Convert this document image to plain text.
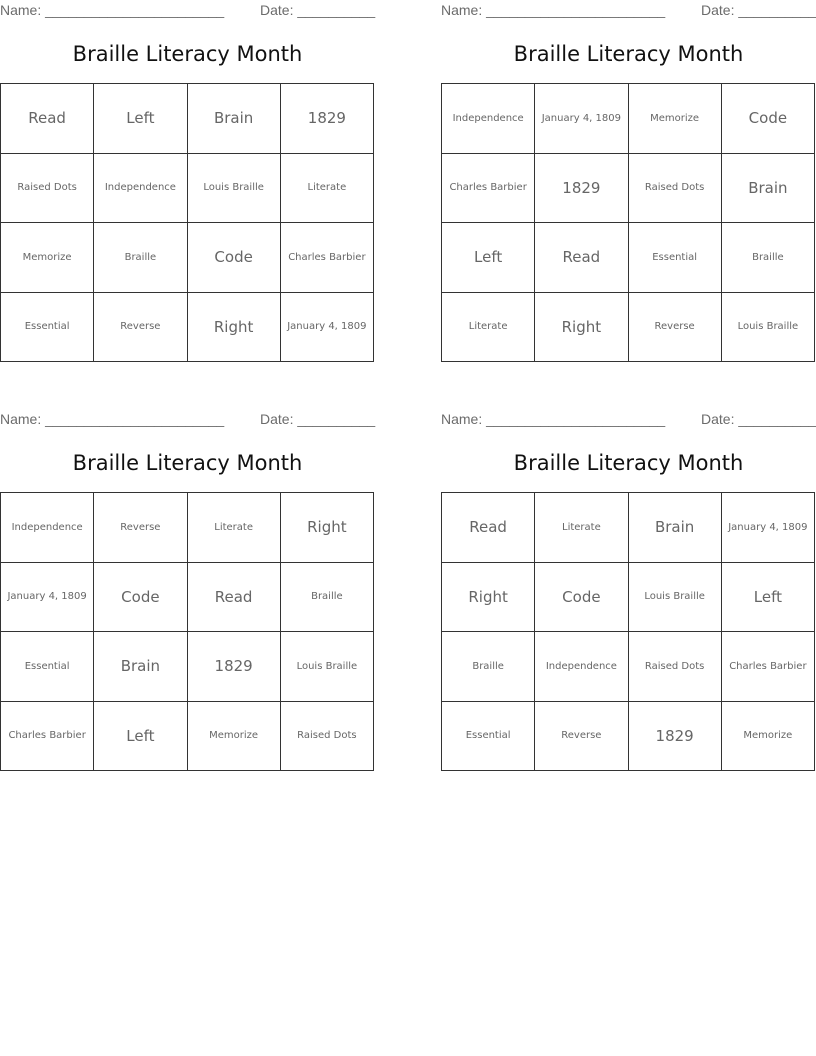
Name: _______________________	Date: __________
Braille Literacy Month
Read	Left	Brain	1829
Raised Dots	Independence	Louis Braille	Literate
Memorize	Braille	Code	Charles Barbier
Essential	Reverse	Right	January 4, 1809
Name: _______________________	Date: __________
Braille Literacy Month
Independence	January 4, 1809	Memorize	Code
Charles Barbier	1829	Raised Dots	Brain
Left	Read	Essential	Braille
Literate	Right	Reverse	Louis Braille
Name: _______________________	Date: __________
Braille Literacy Month
Independence	Reverse	Literate	Right
January 4, 1809	Code	Read	Braille
Essential	Brain	1829	Louis Braille
Charles Barbier	Left	Memorize	Raised Dots
Name: _______________________	Date: __________
Braille Literacy Month
Read	Literate	Brain	January 4, 1809
Right	Code	Louis Braille	Left
Braille	Independence	Raised Dots	Charles Barbier
Essential	Reverse	1829	Memorize
